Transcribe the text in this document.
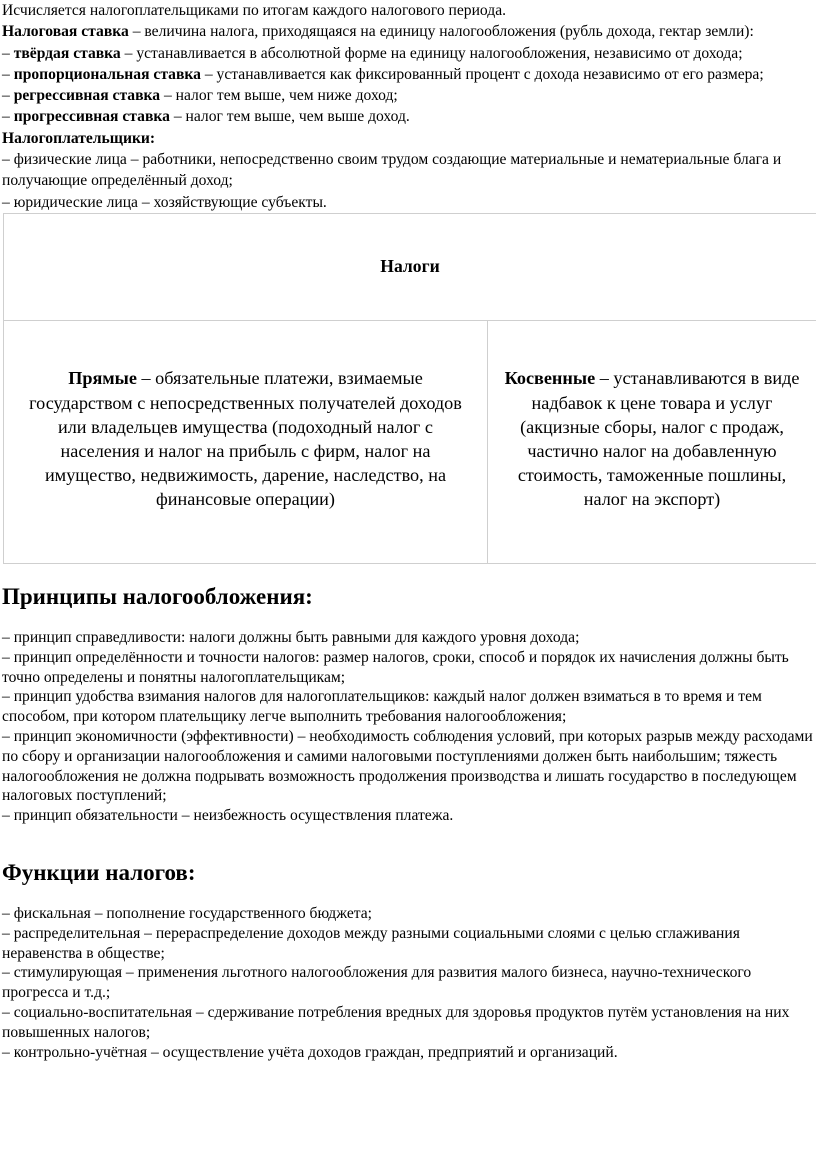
Исчисляется налогоплательщиками по итогам каждого налогового периода.

Налоговая ставка – величина налога, приходящаяся на единицу налогообложения (рубль дохода, гектар земли):

– твёрдая ставка – устанавливается в абсолютной форме на единицу налогообложения, независимо от дохода;

– пропорциональная ставка – устанавливается как фиксированный процент с дохода независимо от его размера;

– регрессивная ставка – налог тем выше, чем ниже доход;

– прогрессивная ставка – налог тем выше, чем выше доход.

Налогоплательщики:

– физические лица – работники, непосредственно своим трудом создающие материальные и нематериальные блага и получающие определённый доход;

– юридические лица – хозяйствующие субъекты.

Налоги
Прямые – обязательные платежи, взимаемые государством с непосредственных получателей доходов или владельцев имущества (подоходный налог с населения и налог на прибыль с фирм, налог на имущество, недвижимость, дарение, наследство, на финансовые операции)	Косвенные – устанавливаются в виде надбавок к цене товара и услуг (акцизные сборы, налог с продаж, частично налог на добавленную стоимость, таможенные пошлины, налог на экспорт)
Принципы налогообложения:

– принцип справедливости: налоги должны быть равными для каждого уровня дохода;

– принцип определённости и точности налогов: размер налогов, сроки, способ и порядок их начисления должны быть точно определены и понятны налогоплательщикам;

– принцип удобства взимания налогов для налогоплательщиков: каждый налог должен взиматься в то время и тем способом, при котором плательщику легче выполнить требования налогообложения;

– принцип экономичности (эффективности) – необходимость соблюдения условий, при которых разрыв между расходами по сбору и организации налогообложения и самими налоговыми поступлениями должен быть наибольшим; тяжесть налогообложения не должна подрывать возможность продолжения производства и лишать государство в последующем налоговых поступлений;

– принцип обязательности – неизбежность осуществления платежа.

Функции налогов:

– фискальная – пополнение государственного бюджета;

– распределительная – перераспределение доходов между разными социальными слоями с целью сглаживания неравенства в обществе;

– стимулирующая – применения льготного налогообложения для развития малого бизнеса, научно-технического прогресса и т.д.;

– социально-воспитательная – сдерживание потребления вредных для здоровья продуктов путём установления на них повышенных налогов;

– контрольно-учётная – осуществление учёта доходов граждан, предприятий и организаций.
